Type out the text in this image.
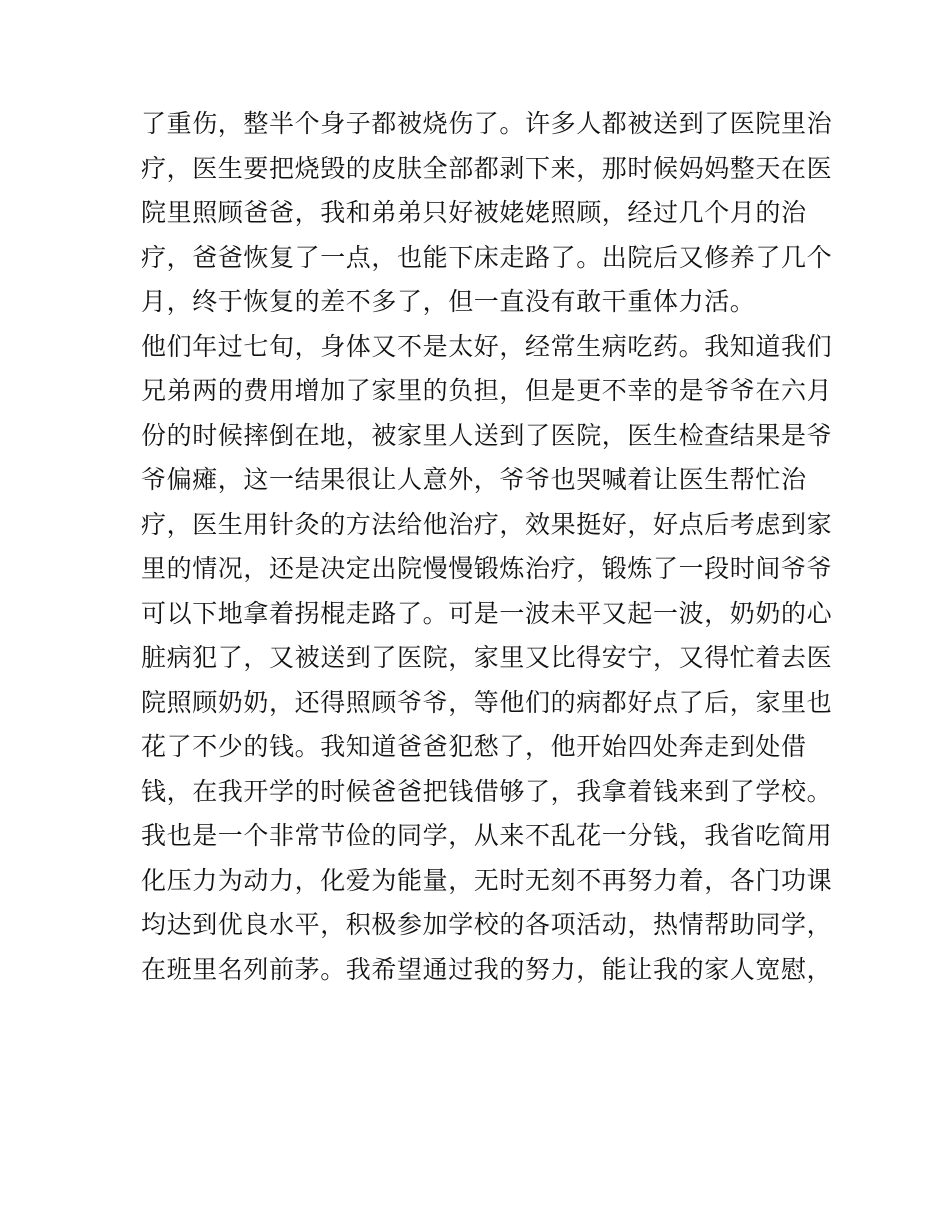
了重伤，整半个身子都被烧伤了。许多人都被送到了医院里治
疗，医生要把烧毁的皮肤全部都剥下来，那时候妈妈整天在医
院里照顾爸爸，我和弟弟只好被姥姥照顾，经过几个月的治
疗，爸爸恢复了一点，也能下床走路了。出院后又修养了几个
月，终于恢复的差不多了，但一直没有敢干重体力活。
他们年过七旬，身体又不是太好，经常生病吃药。我知道我们
兄弟两的费用增加了家里的负担，但是更不幸的是爷爷在六月
份的时候摔倒在地，被家里人送到了医院，医生检查结果是爷
爷偏瘫，这一结果很让人意外，爷爷也哭喊着让医生帮忙治
疗，医生用针灸的方法给他治疗，效果挺好，好点后考虑到家
里的情况，还是决定出院慢慢锻炼治疗，锻炼了一段时间爷爷
可以下地拿着拐棍走路了。可是一波未平又起一波，奶奶的心
脏病犯了，又被送到了医院，家里又比得安宁，又得忙着去医
院照顾奶奶，还得照顾爷爷，等他们的病都好点了后，家里也
花了不少的钱。我知道爸爸犯愁了，他开始四处奔走到处借
钱，在我开学的时候爸爸把钱借够了，我拿着钱来到了学校。
我也是一个非常节俭的同学，从来不乱花一分钱，我省吃简用
化压力为动力，化爱为能量，无时无刻不再努力着，各门功课
均达到优良水平，积极参加学校的各项活动，热情帮助同学，
在班里名列前茅。我希望通过我的努力，能让我的家人宽慰，
